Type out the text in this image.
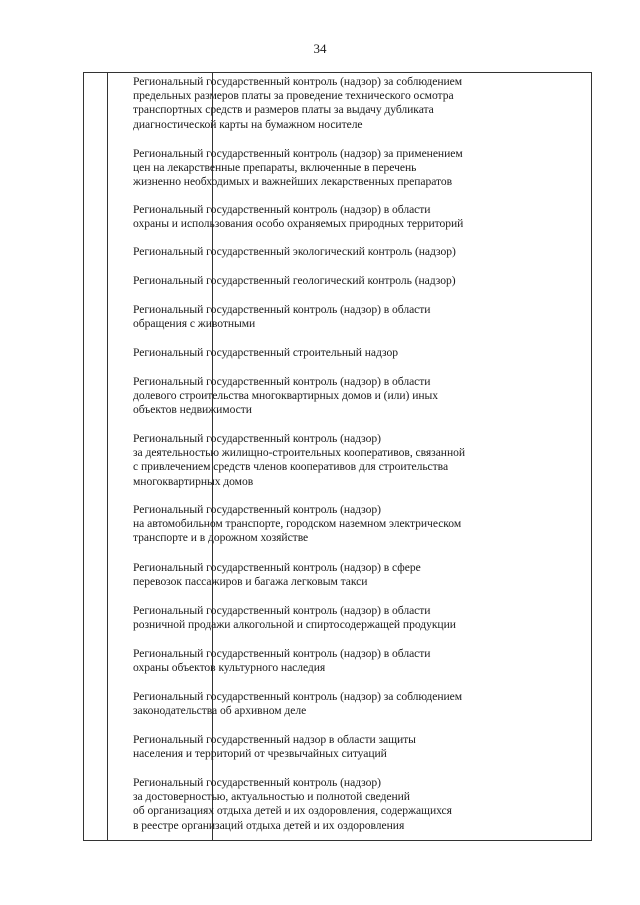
34
Региональный государственный контроль (надзор) за соблюдением
предельных размеров платы за проведение технического осмотра
транспортных средств и размеров платы за выдачу дубликата
диагностической карты на бумажном носителе
Региональный государственный контроль (надзор) за применением
цен на лекарственные препараты, включенные в перечень
жизненно необходимых и важнейших лекарственных препаратов
Региональный государственный контроль (надзор) в области
охраны и использования особо охраняемых природных территорий
Региональный государственный экологический контроль (надзор)
Региональный государственный геологический контроль (надзор)
Региональный государственный контроль (надзор) в области
обращения с животными
Региональный государственный строительный надзор
Региональный государственный контроль (надзор) в области
долевого строительства многоквартирных домов и (или) иных
объектов недвижимости
Региональный государственный контроль (надзор)
за деятельностью жилищно-строительных кооперативов, связанной
с привлечением средств членов кооперативов для строительства
многоквартирных домов
Региональный государственный контроль (надзор)
на автомобильном транспорте, городском наземном электрическом
транспорте и в дорожном хозяйстве
Региональный государственный контроль (надзор) в сфере
перевозок пассажиров и багажа легковым такси
Региональный государственный контроль (надзор) в области
розничной продажи алкогольной и спиртосодержащей продукции
Региональный государственный контроль (надзор) в области
охраны объектов культурного наследия
Региональный государственный контроль (надзор) за соблюдением
законодательства об архивном деле
Региональный государственный надзор в области защиты
населения и территорий от чрезвычайных ситуаций
Региональный государственный контроль (надзор)
за достоверностью, актуальностью и полнотой сведений
об организациях отдыха детей и их оздоровления, содержащихся
в реестре организаций отдыха детей и их оздоровления
